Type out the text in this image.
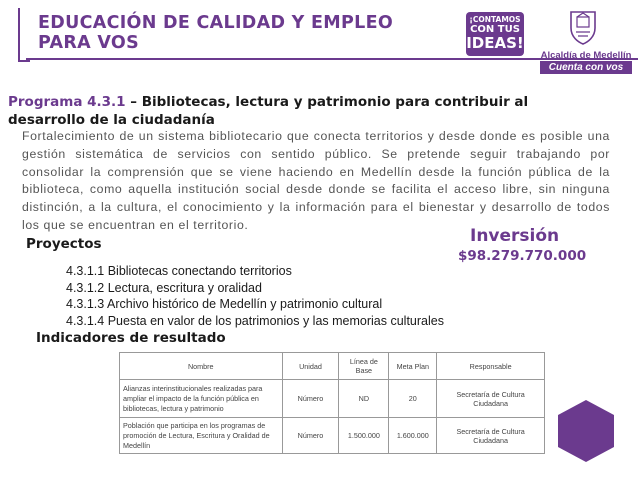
EDUCACIÓN DE CALIDAD Y EMPLEO
PARA VOS
¡CONTAMOS
CON TUS
IDEAS!
Alcaldía de Medellín
Cuenta con vos
Programa 4.3.1 – Bibliotecas, lectura y patrimonio para contribuir al desarrollo de la ciudadanía
Fortalecimiento de un sistema bibliotecario que conecta territorios y desde donde es posible una gestión sistemática de servicios con sentido público. Se pretende seguir trabajando por consolidar la comprensión que se viene haciendo en Medellín desde la función pública de la biblioteca, como aquella institución social desde donde se facilita el acceso libre, sin ninguna distinción, a la cultura, el conocimiento y la información para el bienestar y desarrollo de todos los que se encuentran en el territorio.
Proyectos	Inversión
$98.279.770.000
4.3.1.1 Bibliotecas conectando territorios
4.3.1.2 Lectura, escritura y oralidad
4.3.1.3 Archivo histórico de Medellín y patrimonio cultural
4.3.1.4 Puesta en valor de los patrimonios y las memorias culturales
Indicadores de resultado
Nombre	Unidad	Línea de Base	Meta Plan	Responsable
Alianzas interinstitucionales realizadas para ampliar el impacto de la función pública en bibliotecas, lectura y patrimonio	Número	ND	20	Secretaría de Cultura Ciudadana
Población que participa en los programas de promoción de Lectura, Escritura y Oralidad de Medellín	Número	1.500.000	1.600.000	Secretaría de Cultura Ciudadana
